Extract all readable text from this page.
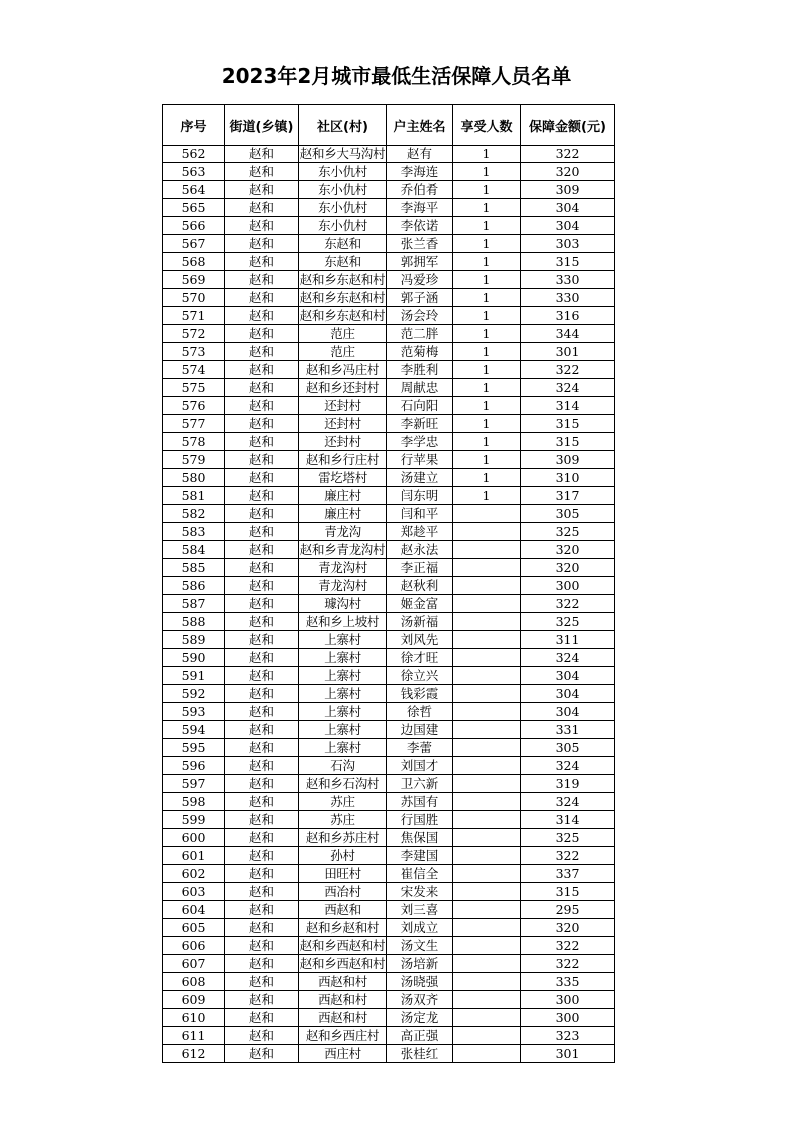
2023年2月城市最低生活保障人员名单
序号	街道(乡镇)	社区(村)	户主姓名	享受人数	保障金额(元)
562	赵和	赵和乡大马沟村	赵有	1	322
563	赵和	东小仇村	李海连	1	320
564	赵和	东小仇村	乔伯肴	1	309
565	赵和	东小仇村	李海平	1	304
566	赵和	东小仇村	李依诺	1	304
567	赵和	东赵和	张兰香	1	303
568	赵和	东赵和	郭拥军	1	315
569	赵和	赵和乡东赵和村	冯爱珍	1	330
570	赵和	赵和乡东赵和村	郭子涵	1	330
571	赵和	赵和乡东赵和村	汤会玲	1	316
572	赵和	范庄	范二胖	1	344
573	赵和	范庄	范菊梅	1	301
574	赵和	赵和乡冯庄村	李胜利	1	322
575	赵和	赵和乡还封村	周献忠	1	324
576	赵和	还封村	石向阳	1	314
577	赵和	还封村	李新旺	1	315
578	赵和	还封村	李学忠	1	315
579	赵和	赵和乡行庄村	行苹果	1	309
580	赵和	雷圪塔村	汤建立	1	310
581	赵和	廉庄村	闫东明	1	317
582	赵和	廉庄村	闫和平		305
583	赵和	青龙沟	郑趁平		325
584	赵和	赵和乡青龙沟村	赵永法		320
585	赵和	青龙沟村	李正福		320
586	赵和	青龙沟村	赵秋利		300
587	赵和	璩沟村	姬金富		322
588	赵和	赵和乡上坡村	汤新福		325
589	赵和	上寨村	刘风先		311
590	赵和	上寨村	徐才旺		324
591	赵和	上寨村	徐立兴		304
592	赵和	上寨村	钱彩霞		304
593	赵和	上寨村	徐哲		304
594	赵和	上寨村	边国建		331
595	赵和	上寨村	李蕾		305
596	赵和	石沟	刘国才		324
597	赵和	赵和乡石沟村	卫六新		319
598	赵和	苏庄	苏国有		324
599	赵和	苏庄	行国胜		314
600	赵和	赵和乡苏庄村	焦保国		325
601	赵和	孙村	李建国		322
602	赵和	田旺村	崔信全		337
603	赵和	西冶村	宋发来		315
604	赵和	西赵和	刘三喜		295
605	赵和	赵和乡赵和村	刘成立		320
606	赵和	赵和乡西赵和村	汤文生		322
607	赵和	赵和乡西赵和村	汤培新		322
608	赵和	西赵和村	汤晓强		335
609	赵和	西赵和村	汤双齐		300
610	赵和	西赵和村	汤定龙		300
611	赵和	赵和乡西庄村	高正强		323
612	赵和	西庄村	张桂红		301
